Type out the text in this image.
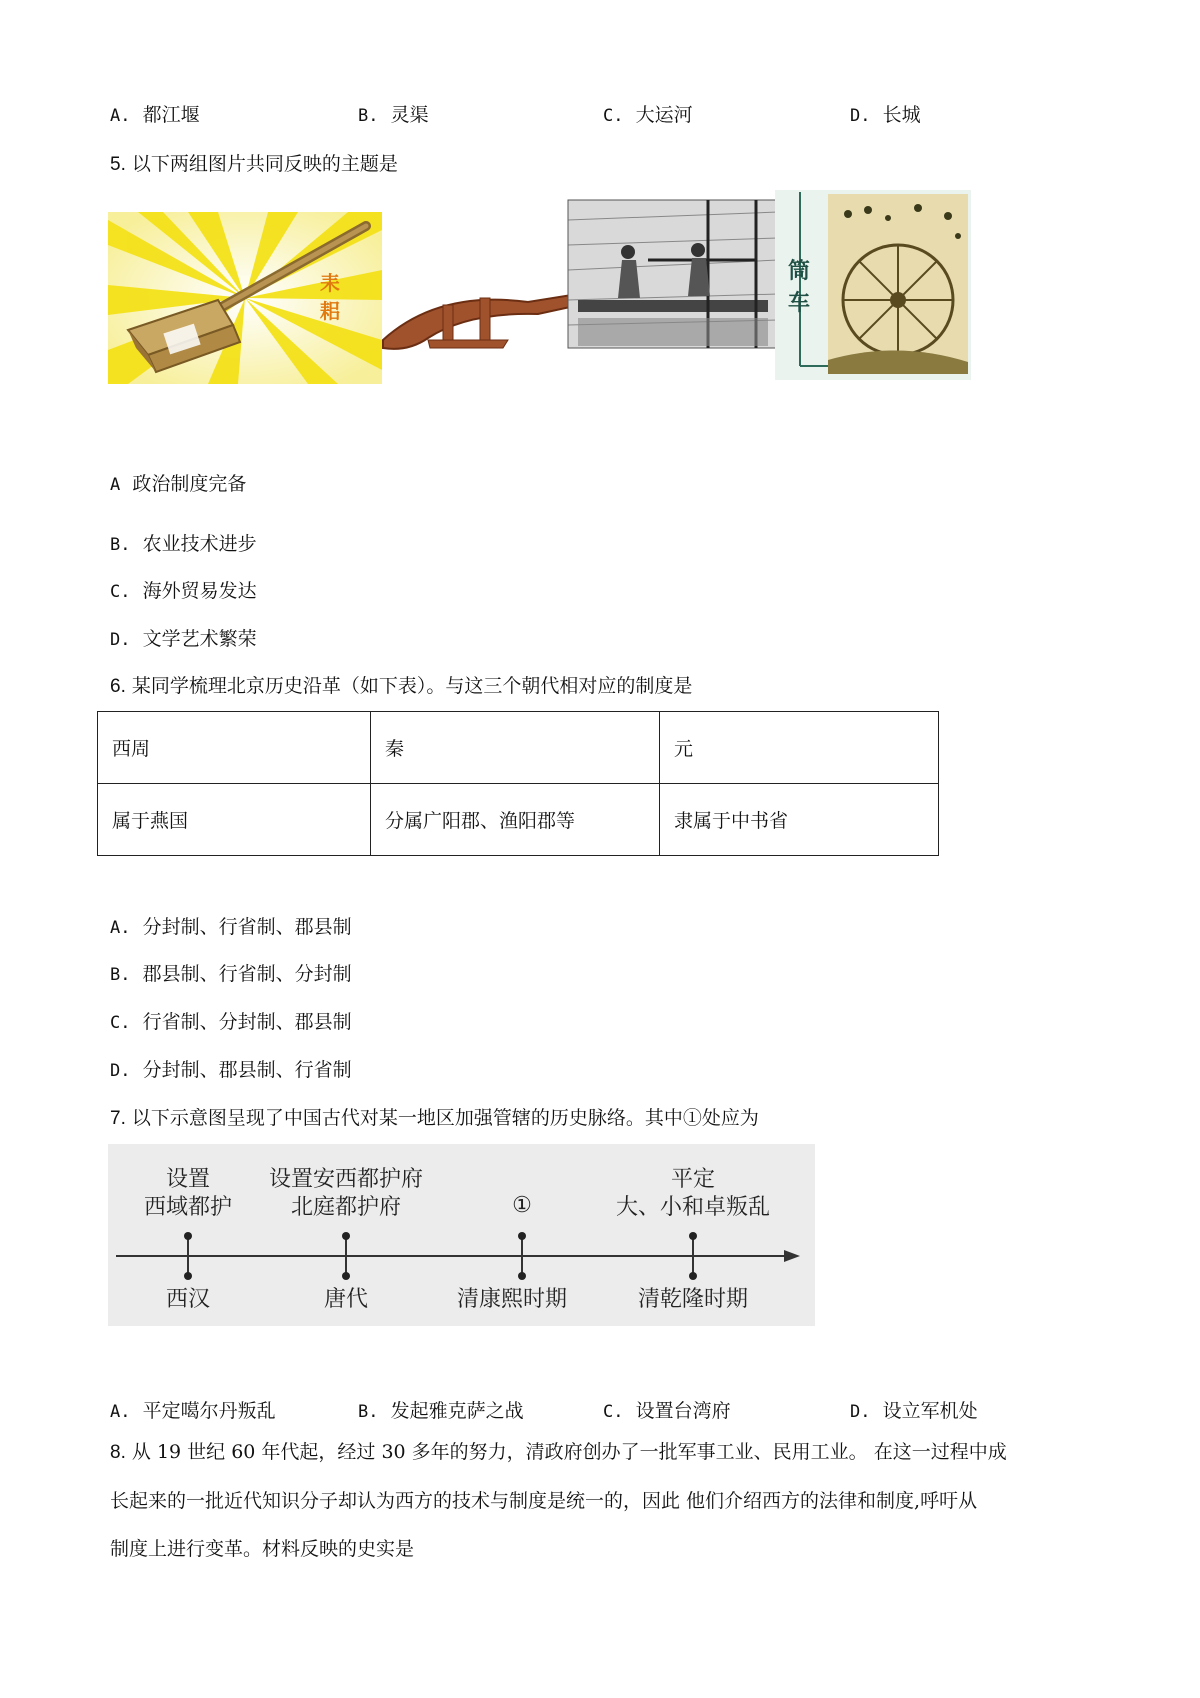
A. 都江堰	B. 灵渠	C. 大运河	D. 长城
5. 以下两组图片共同反映的主题是
耒
耜
筒
车
A 政治制度完备
B. 农业技术进步
C. 海外贸易发达
D. 文学艺术繁荣
6. 某同学梳理北京历史沿革（如下表）。与这三个朝代相对应的制度是
西周	秦	元
属于燕国	分属广阳郡、渔阳郡等	隶属于中书省
A. 分封制、行省制、郡县制
B. 郡县制、行省制、分封制
C. 行省制、分封制、郡县制
D. 分封制、郡县制、行省制
7. 以下示意图呈现了中国古代对某一地区加强管辖的历史脉络。其中①处应为
设置
西域都护
西汉
设置安西都护府
北庭都护府
唐代
①
清康熙时期
平定
大、小和卓叛乱
清乾隆时期
A. 平定噶尔丹叛乱	B. 发起雅克萨之战	C. 设置台湾府	D. 设立军机处
8. 从 19 世纪 60 年代起，经过 30 多年的努力，清政府创办了一批军事工业、民用工业。 在这一过程中成
长起来的一批近代知识分子却认为西方的技术与制度是统一的，因此 他们介绍西方的法律和制度,呼吁从
制度上进行变革。材料反映的史实是
